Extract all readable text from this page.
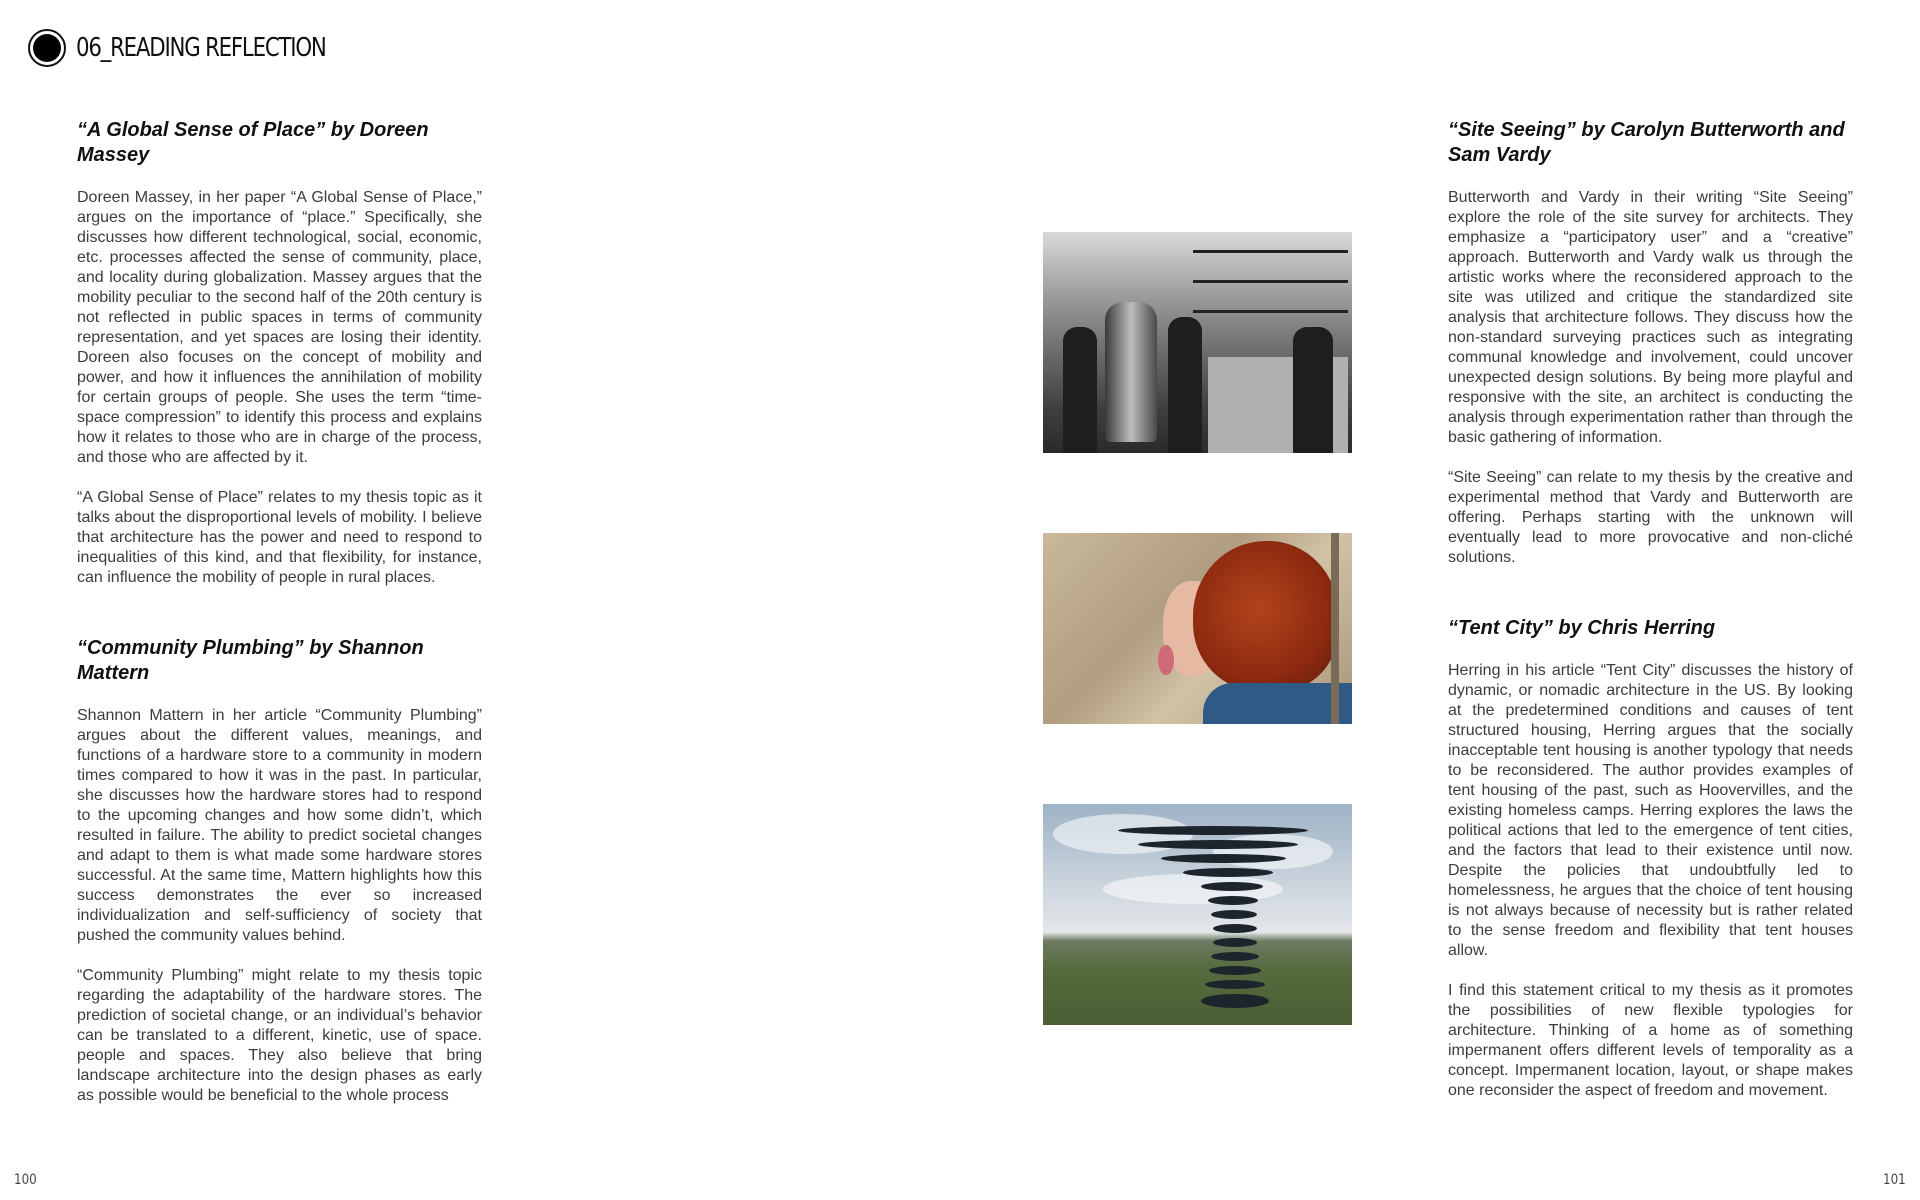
06_READING REFLECTION
“A Global Sense of Place” by Doreen Massey

Doreen Massey, in her paper “A Global Sense of Place,” argues on the importance of “place.” Specifically, she discusses how different technological, social, economic, etc. processes affected the sense of community, place, and locality during globalization. Massey argues that the mobility peculiar to the second half of the 20th century is not reflected in public spaces in terms of community representation, and yet spaces are losing their identity. Doreen also focuses on the concept of mobility and power, and how it influences the annihilation of mobility for certain groups of people. She uses the term “time-space compression” to identify this process and explains how it relates to those who are in charge of the process, and those who are affected by it.

“A Global Sense of Place” relates to my thesis topic as it talks about the disproportional levels of mobility. I believe that architecture has the power and need to respond to inequalities of this kind, and that flexibility, for instance, can influence the mobility of people in rural places.

“Community Plumbing” by Shannon Mattern

Shannon Mattern in her article “Community Plumbing” argues about the different values, meanings, and functions of a hardware store to a community in modern times compared to how it was in the past. In particular, she discusses how the hardware stores had to respond to the upcoming changes and how some didn’t, which resulted in failure. The ability to predict societal changes and adapt to them is what made some hardware stores successful. At the same time, Mattern highlights how this success demonstrates the ever so increased individualization and self-sufficiency of society that pushed the community values behind.

“Community Plumbing” might relate to my thesis topic regarding the adaptability of the hardware stores. The prediction of societal change, or an individual’s behavior can be translated to a different, kinetic, use of space. people and spaces. They also believe that bring landscape architecture into the design phases as early as possible would be beneficial to the whole process

“Site Seeing” by Carolyn Butterworth and Sam Vardy

Butterworth and Vardy in their writing “Site Seeing” explore the role of the site survey for architects. They emphasize a “participatory user” and a “creative” approach. Butterworth and Vardy walk us through the artistic works where the reconsidered approach to the site was utilized and critique the standardized site analysis that architecture follows. They discuss how the non-standard surveying practices such as integrating communal knowledge and involvement, could uncover unexpected design solutions. By being more playful and responsive with the site, an architect is conducting the analysis through experimentation rather than through the basic gathering of information.

“Site Seeing” can relate to my thesis by the creative and experimental method that Vardy and Butterworth are offering. Perhaps starting with the unknown will eventually lead to more provocative and non-cliché solutions.

“Tent City” by Chris Herring

Herring in his article “Tent City” discusses the history of dynamic, or nomadic architecture in the US. By looking at the predetermined conditions and causes of tent structured housing, Herring argues that the socially inacceptable tent housing is another typology that needs to be reconsidered. The author provides examples of tent housing of the past, such as Hoovervilles, and the existing homeless camps. Herring explores the laws the political actions that led to the emergence of tent cities, and the factors that lead to their existence until now. Despite the policies that undoubtfully led to homelessness, he argues that the choice of tent housing is not always because of necessity but is rather related to the sense freedom and flexibility that tent houses allow.

I find this statement critical to my thesis as it promotes the possibilities of new flexible typologies for architecture. Thinking of a home as of something impermanent offers different levels of temporality as a concept. Impermanent location, layout, or shape makes one reconsider the aspect of freedom and movement.

100	101
